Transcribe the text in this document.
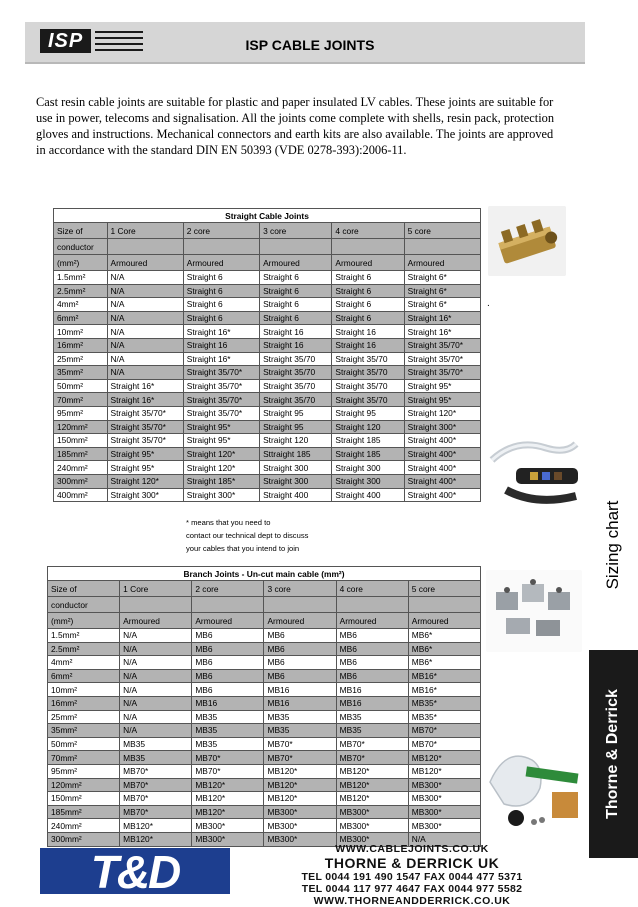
ISP	ISP CABLE JOINTS

Cast resin cable joints are suitable for plastic and paper insulated LV cables. These joints are suitable for use in power, telecoms and signalisation. All the joints come complete with shells, resin pack, protection gloves and instructions. Mechanical connectors and earth kits are also available. The joints are approved in accordance with the standard DIN EN 50393 (VDE 0278-393):2006-11.

Straight Cable Joints					
Size of	1 Core	2 core	3 core	4 core	5 core
conductor					
(mm²)	Armoured	Armoured	Armoured	Armoured	Armoured
1.5mm²	N/A	Straight 6	Straight 6	Straight 6	Straight 6*
2.5mm²	N/A	Straight 6	Straight 6	Straight 6	Straight 6*
4mm²	N/A	Straight 6	Straight 6	Straight 6	Straight 6*
6mm²	N/A	Straight 6	Straight 6	Straight 6	Straight 16*
10mm²	N/A	Straight 16*	Straight 16	Straight 16	Straight 16*
16mm²	N/A	Straight 16	Straight 16	Straight 16	Straight 35/70*
25mm²	N/A	Straight 16*	Straight 35/70	Straight 35/70	Straight 35/70*
35mm²	N/A	Straight 35/70*	Straight 35/70	Straight 35/70	Straight 35/70*
50mm²	Straight 16*	Straight 35/70*	Straight 35/70	Straight 35/70	Straight 95*
70mm²	Straight 16*	Straight 35/70*	Straight 35/70	Straight 35/70	Straight 95*
95mm²	Straight 35/70*	Straight 35/70*	Straight 95	Straight 95	Straight 120*
120mm²	Straight 35/70*	Straight 95*	Straight 95	Straight 120	Straight 300*
150mm²	Straight 35/70*	Straight 95*	Straight 120	Straight 185	Straight 400*
185mm²	Straight 95*	Straight 120*	Sttraight 185	Straight 185	Straight 400*
240mm²	Straight 95*	Straight 120*	Straight 300	Straight 300	Straight 400*
300mm²	Straight 120*	Straight 185*	Straight 300	Straight 300	Straight 400*
400mm²	Straight 300*	Straight 300*	Straight 400	Straight 400	Straight 400*
.
* means that you need to
contact our technical dept to discuss
your cables that you intend to join
Branch Joints - Un-cut main cable (mm²)					
Size of	1 Core	2 core	3 core	4 core	5 core
conductor					
(mm²)	Armoured	Armoured	Armoured	Armoured	Armoured
1.5mm²	N/A	MB6	MB6	MB6	MB6*
2.5mm²	N/A	MB6	MB6	MB6	MB6*
4mm²	N/A	MB6	MB6	MB6	MB6*
6mm²	N/A	MB6	MB6	MB6	MB16*
10mm²	N/A	MB6	MB16	MB16	MB16*
16mm²	N/A	MB16	MB16	MB16	MB35*
25mm²	N/A	MB35	MB35	MB35	MB35*
35mm²	N/A	MB35	MB35	MB35	MB70*
50mm²	MB35	MB35	MB70*	MB70*	MB70*
70mm²	MB35	MB70*	MB70*	MB70*	MB120*
95mm²	MB70*	MB70*	MB120*	MB120*	MB120*
120mm²	MB70*	MB120*	MB120*	MB120*	MB300*
150mm²	MB70*	MB120*	MB120*	MB120*	MB300*
185mm²	MB70*	MB120*	MB300*	MB300*	MB300*
240mm²	MB120*	MB300*	MB300*	MB300*	MB300*
300mm²	MB120*	MB300*	MB300*	MB300*	N/A
Sizing chart
Thorne & Derrick
T&D	WWW.CABLEJOINTS.CO.UK
THORNE & DERRICK UK
TEL 0044 191 490 1547 FAX 0044 477 5371
TEL 0044 117 977 4647 FAX 0044 977 5582
WWW.THORNEANDDERRICK.CO.UK
